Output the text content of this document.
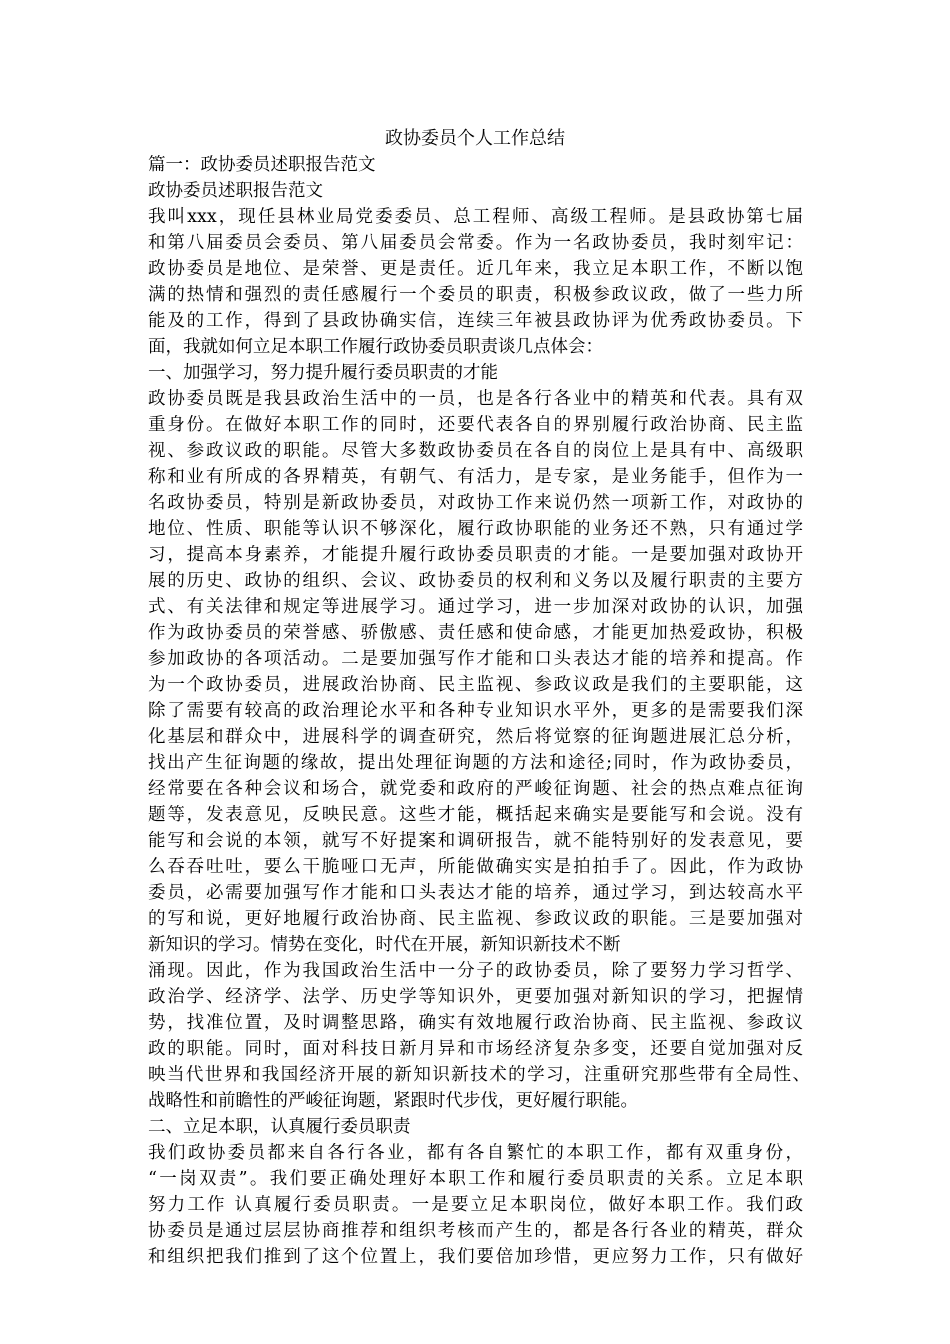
政协委员个人工作总结
篇一：政协委员述职报告范文
政协委员述职报告范文
我叫xxx，现任县林业局党委委员、总工程师、高级工程师。是县政协第七届
和第八届委员会委员、第八届委员会常委。作为一名政协委员，我时刻牢记：
政协委员是地位、是荣誉、更是责任。近几年来，我立足本职工作，不断以饱
满的热情和强烈的责任感履行一个委员的职责，积极参政议政，做了一些力所
能及的工作，得到了县政协确实信，连续三年被县政协评为优秀政协委员。下
面，我就如何立足本职工作履行政协委员职责谈几点体会：
一、加强学习，努力提升履行委员职责的才能
政协委员既是我县政治生活中的一员，也是各行各业中的精英和代表。具有双
重身份。在做好本职工作的同时，还要代表各自的界别履行政治协商、民主监
视、参政议政的职能。尽管大多数政协委员在各自的岗位上是具有中、高级职
称和业有所成的各界精英，有朝气、有活力，是专家，是业务能手，但作为一
名政协委员，特别是新政协委员，对政协工作来说仍然一项新工作，对政协的
地位、性质、职能等认识不够深化，履行政协职能的业务还不熟，只有通过学
习，提高本身素养，才能提升履行政协委员职责的才能。一是要加强对政协开
展的历史、政协的组织、会议、政协委员的权利和义务以及履行职责的主要方
式、有关法律和规定等进展学习。通过学习，进一步加深对政协的认识，加强
作为政协委员的荣誉感、骄傲感、责任感和使命感，才能更加热爱政协，积极
参加政协的各项活动。二是要加强写作才能和口头表达才能的培养和提高。作
为一个政协委员，进展政治协商、民主监视、参政议政是我们的主要职能，这
除了需要有较高的政治理论水平和各种专业知识水平外，更多的是需要我们深
化基层和群众中，进展科学的调查研究，然后将觉察的征询题进展汇总分析，
找出产生征询题的缘故，提出处理征询题的方法和途径;同时，作为政协委员，
经常要在各种会议和场合，就党委和政府的严峻征询题、社会的热点难点征询
题等，发表意见，反映民意。这些才能，概括起来确实是要能写和会说。没有
能写和会说的本领，就写不好提案和调研报告，就不能特别好的发表意见，要
么吞吞吐吐，要么干脆哑口无声，所能做确实实是拍拍手了。因此，作为政协
委员，必需要加强写作才能和口头表达才能的培养，通过学习，到达较高水平
的写和说，更好地履行政治协商、民主监视、参政议政的职能。三是要加强对
新知识的学习。情势在变化，时代在开展，新知识新技术不断
涌现。因此，作为我国政治生活中一分子的政协委员，除了要努力学习哲学、
政治学、经济学、法学、历史学等知识外，更要加强对新知识的学习，把握情
势，找准位置，及时调整思路，确实有效地履行政治协商、民主监视、参政议
政的职能。同时，面对科技日新月异和市场经济复杂多变，还要自觉加强对反
映当代世界和我国经济开展的新知识新技术的学习，注重研究那些带有全局性、
战略性和前瞻性的严峻征询题，紧跟时代步伐，更好履行职能。
二、立足本职，认真履行委员职责
我们政协委员都来自各行各业，都有各自繁忙的本职工作，都有双重身份，
“一岗双责”。我们要正确处理好本职工作和履行委员职责的关系。立足本职
努力工作 认真履行委员职责。一是要立足本职岗位，做好本职工作。我们政
协委员是通过层层协商推荐和组织考核而产生的，都是各行各业的精英，群众
和组织把我们推到了这个位置上，我们要倍加珍惜，更应努力工作，只有做好
